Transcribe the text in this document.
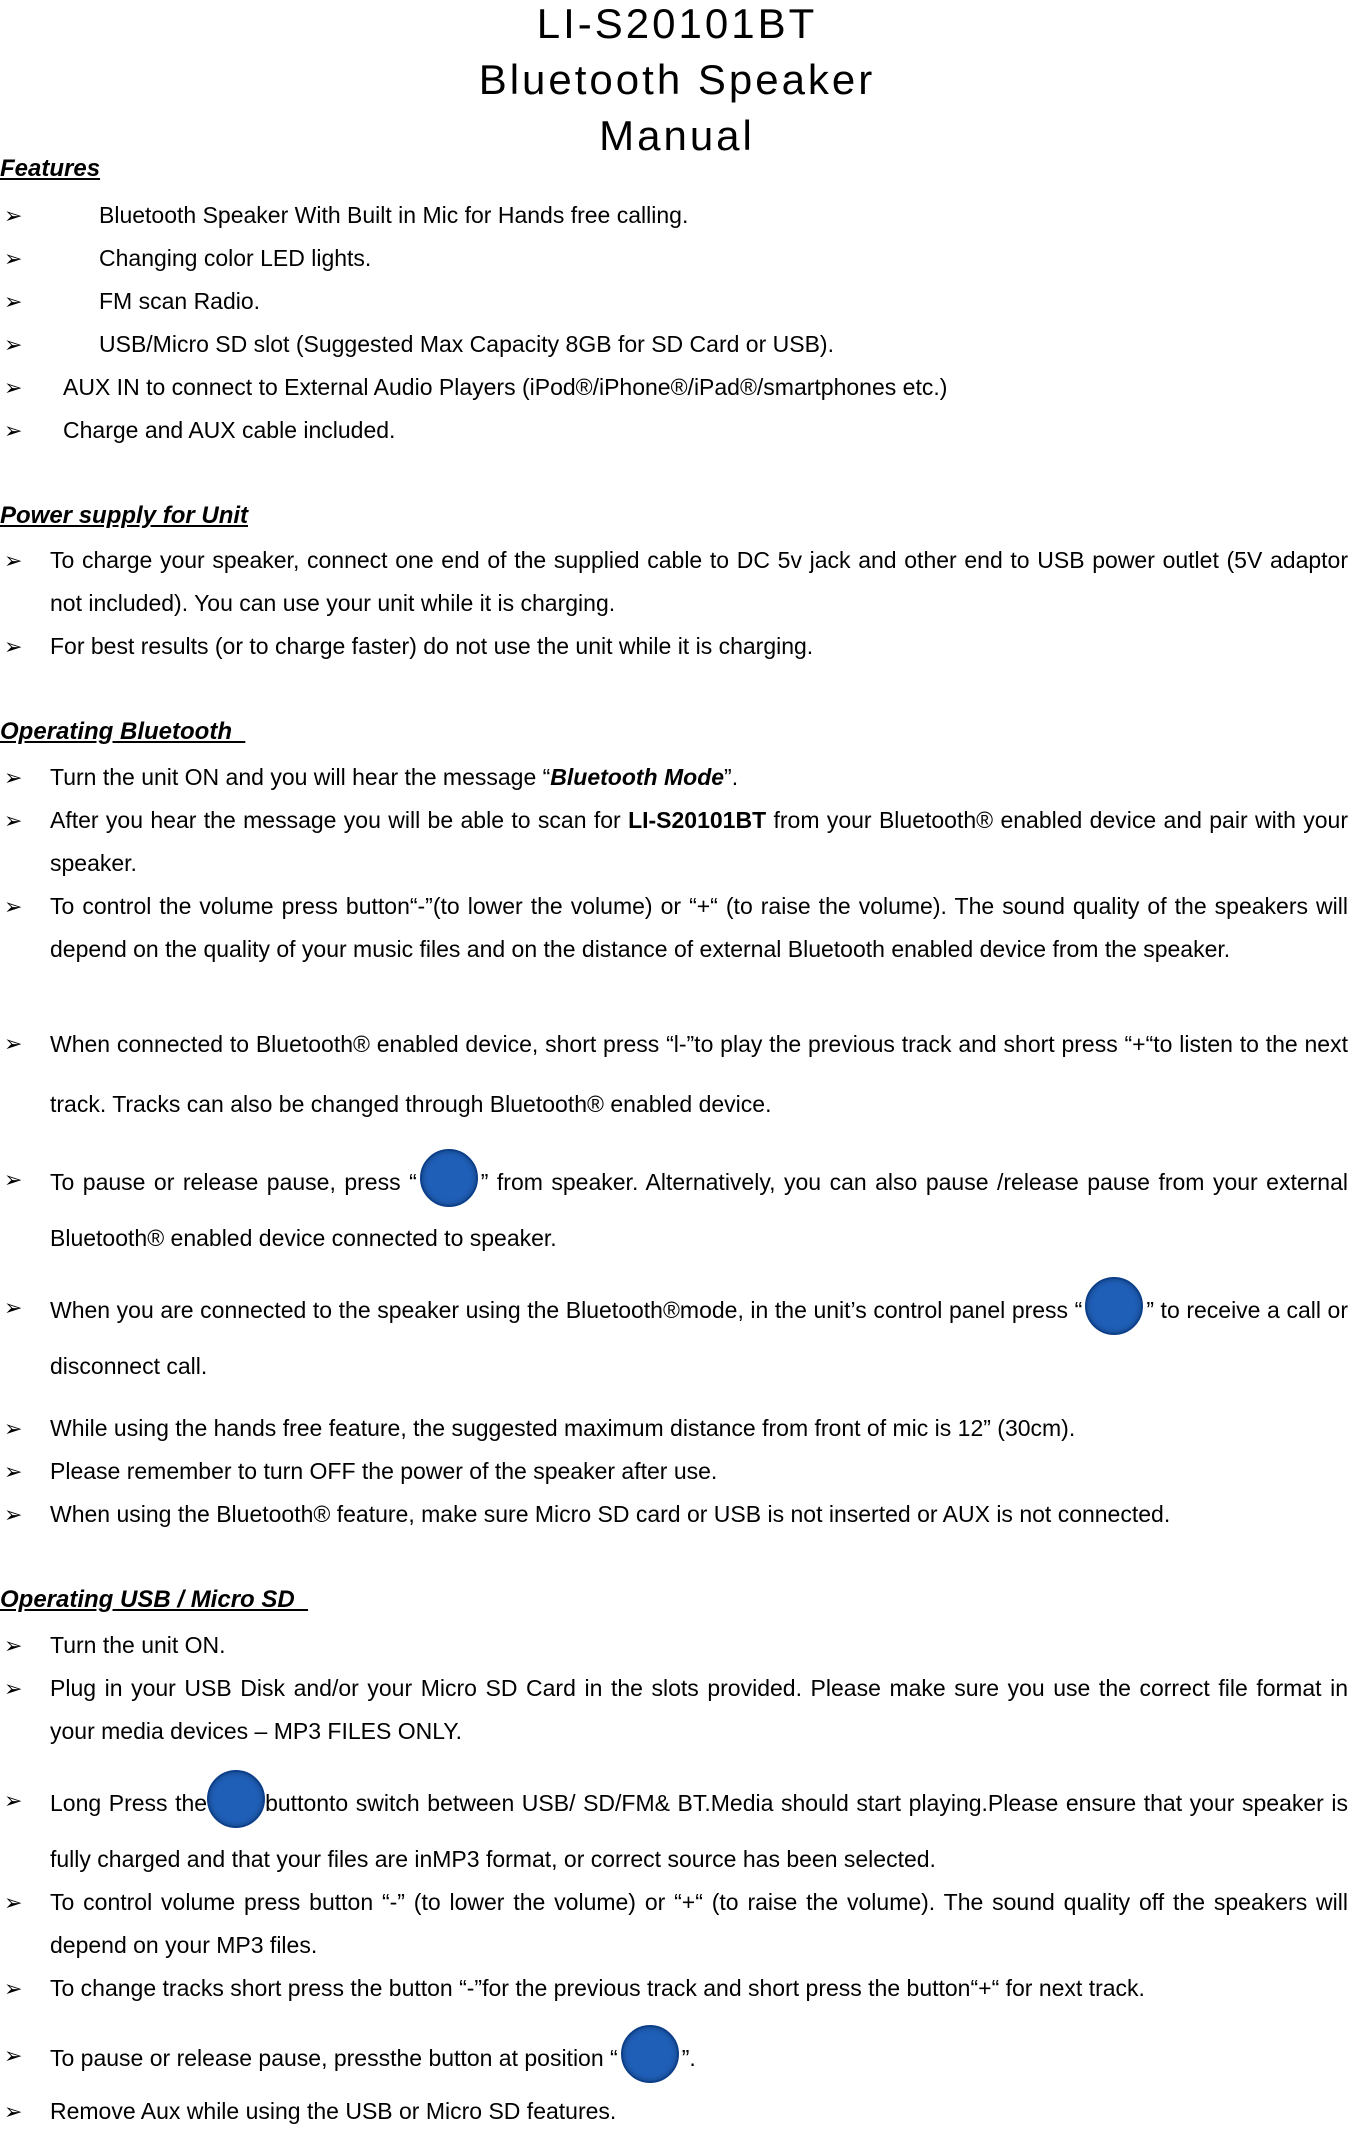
LI-S20101BT

Bluetooth Speaker

Manual

Features
➢	Bluetooth Speaker With Built in Mic for Hands free calling.
➢	Changing color LED lights.
➢	FM scan Radio.
➢	USB/Micro SD slot (Suggested Max Capacity 8GB for SD Card or USB).
➢ AUX IN to connect to External Audio Players (iPod®/iPhone®/iPad®/smartphones etc.)
➢ Charge and AUX cable included.
Power supply for Unit
➢ To charge your speaker, connect one end of the supplied cable to DC 5v jack and other end to USB power outlet (5V adaptor not included). You can use your unit while it is charging.
➢ For best results (or to charge faster) do not use the unit while it is charging.
Operating Bluetooth
➢ Turn the unit ON and you will hear the message “Bluetooth Mode”.
➢ After you hear the message you will be able to scan for LI-S20101BT from your Bluetooth® enabled device and pair with your speaker.
➢ To control the volume press button“-”(to lower the volume) or “+“ (to raise the volume). The sound quality of the speakers will depend on the quality of your music files and on the distance of external Bluetooth enabled device from the speaker.
➢ When connected to Bluetooth® enabled device, short press “l-”to play the previous track and short press “+“to listen to the next track. Tracks can also be changed through Bluetooth® enabled device.
➢ To pause or release pause, press “	” from speaker. Alternatively, you can also pause /release pause from your external Bluetooth® enabled device connected to speaker.
➢ When you are connected to the speaker using the Bluetooth®mode, in the unit’s control panel press “	” to receive a call or disconnect call.
➢ While using the hands free feature, the suggested maximum distance from front of mic is 12” (30cm).
➢ Please remember to turn OFF the power of the speaker after use.
➢ When using the Bluetooth® feature, make sure Micro SD card or USB is not inserted or AUX is not connected.
Operating USB / Micro SD
➢ Turn the unit ON.
➢ Plug in your USB Disk and/or your Micro SD Card in the slots provided. Please make sure you use the correct file format in your media devices – MP3 FILES ONLY.
➢ Long Press the	buttonto switch between USB/ SD/FM& BT.Media should start playing.Please ensure that your speaker is fully charged and that your files are inMP3 format, or correct source has been selected.
➢ To control volume press button “-” (to lower the volume) or “+“ (to raise the volume). The sound quality off the speakers will depend on your MP3 files.
➢ To change tracks short press the button “-”for the previous track and short press the button“+“ for next track.
➢ To pause or release pause, pressthe button at position “	”.
➢ Remove Aux while using the USB or Micro SD features.
